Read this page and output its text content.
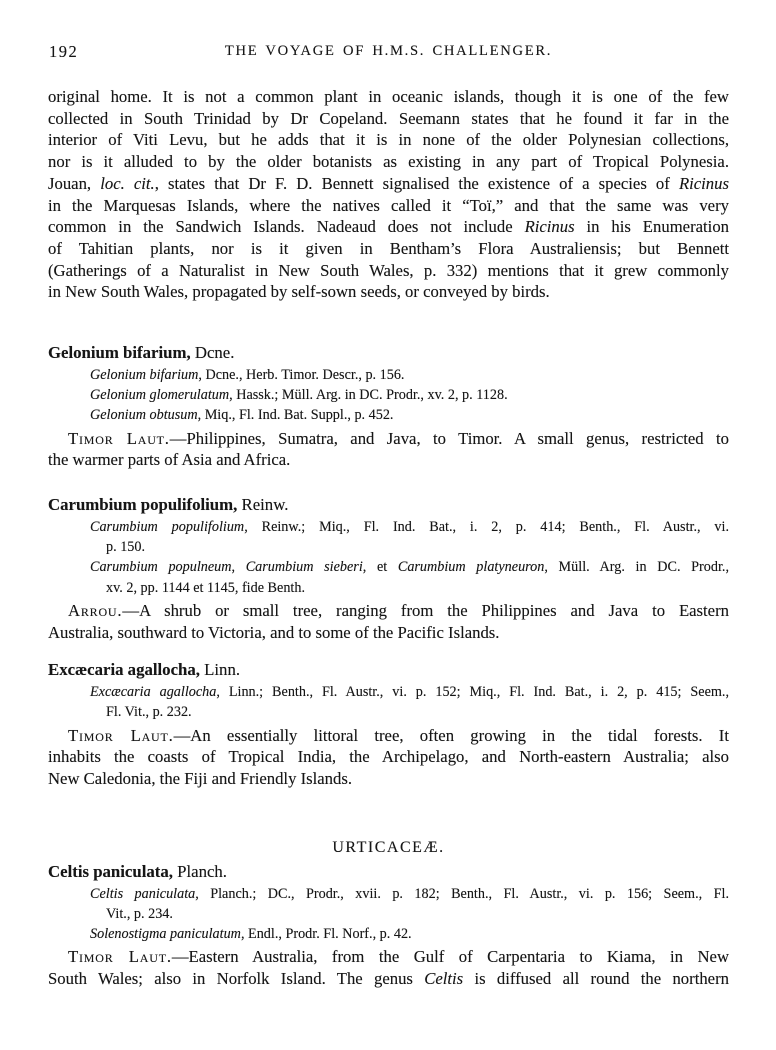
192	THE VOYAGE OF H.M.S. CHALLENGER.
original home. It is not a common plant in oceanic islands, though it is one of the few
collected in South Trinidad by Dr Copeland. Seemann states that he found it far in the
interior of Viti Levu, but he adds that it is in none of the older Polynesian collections,
nor is it alluded to by the older botanists as existing in any part of Tropical Polynesia.
Jouan, loc. cit., states that Dr F. D. Bennett signalised the existence of a species of Ricinus
in the Marquesas Islands, where the natives called it “Toï,” and that the same was very
common in the Sandwich Islands. Nadeaud does not include Ricinus in his Enumeration
of Tahitian plants, nor is it given in Bentham’s Flora Australiensis; but Bennett
(Gatherings of a Naturalist in New South Wales, p. 332) mentions that it grew commonly
in New South Wales, propagated by self-sown seeds, or conveyed by birds.
Gelonium bifarium, Dcne.
Gelonium bifarium, Dcne., Herb. Timor. Descr., p. 156.
Gelonium glomerulatum, Hassk.; Müll. Arg. in DC. Prodr., xv. 2, p. 1128.
Gelonium obtusum, Miq., Fl. Ind. Bat. Suppl., p. 452.
Timor Laut.—Philippines, Sumatra, and Java, to Timor. A small genus, restricted to
the warmer parts of Asia and Africa.
Carumbium populifolium, Reinw.
Carumbium populifolium, Reinw.; Miq., Fl. Ind. Bat., i. 2, p. 414; Benth., Fl. Austr., vi.
p. 150.
Carumbium populneum, Carumbium sieberi, et Carumbium platyneuron, Müll. Arg. in DC. Prodr.,
xv. 2, pp. 1144 et 1145, fide Benth.
Arrou.—A shrub or small tree, ranging from the Philippines and Java to Eastern
Australia, southward to Victoria, and to some of the Pacific Islands.
Excæcaria agallocha, Linn.
Excæcaria agallocha, Linn.; Benth., Fl. Austr., vi. p. 152; Miq., Fl. Ind. Bat., i. 2, p. 415; Seem.,
Fl. Vit., p. 232.
Timor Laut.—An essentially littoral tree, often growing in the tidal forests. It
inhabits the coasts of Tropical India, the Archipelago, and North-eastern Australia; also
New Caledonia, the Fiji and Friendly Islands.
URTICACEÆ.
Celtis paniculata, Planch.
Celtis paniculata, Planch.; DC., Prodr., xvii. p. 182; Benth., Fl. Austr., vi. p. 156; Seem., Fl.
Vit., p. 234.
Solenostigma paniculatum, Endl., Prodr. Fl. Norf., p. 42.
Timor Laut.—Eastern Australia, from the Gulf of Carpentaria to Kiama, in New
South Wales; also in Norfolk Island. The genus Celtis is diffused all round the northern
